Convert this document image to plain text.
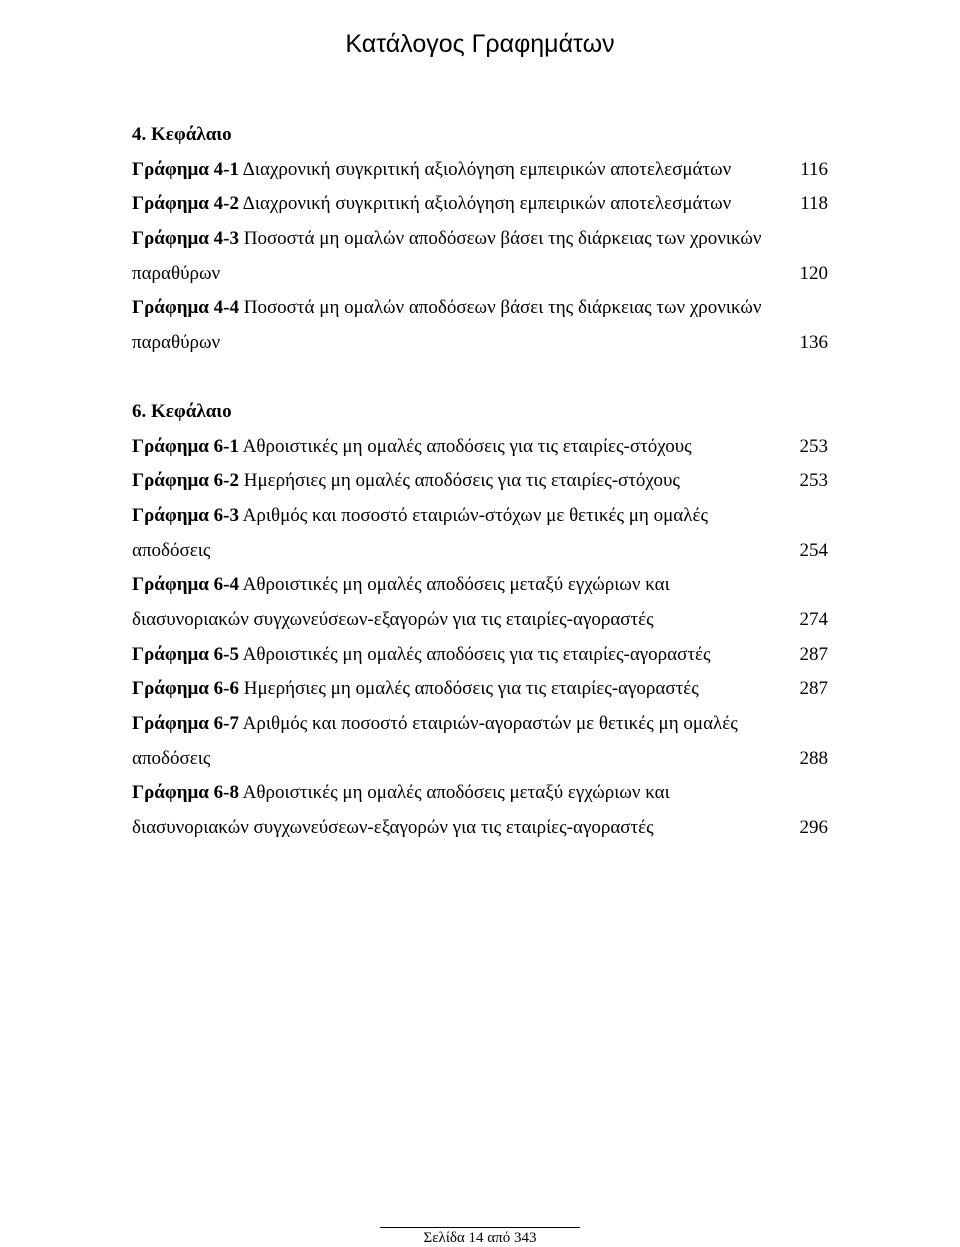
Κατάλογος Γραφημάτων
4. Κεφάλαιο
Γράφημα 4-1 Διαχρονική συγκριτική αξιολόγηση εμπειρικών αποτελεσμάτων	116
Γράφημα 4-2 Διαχρονική συγκριτική αξιολόγηση εμπειρικών αποτελεσμάτων	118
Γράφημα 4-3 Ποσοστά μη ομαλών αποδόσεων βάσει της διάρκειας των χρονικών
παραθύρων	120
Γράφημα 4-4 Ποσοστά μη ομαλών αποδόσεων βάσει της διάρκειας των χρονικών
παραθύρων	136
6. Κεφάλαιο
Γράφημα 6-1 Αθροιστικές μη ομαλές αποδόσεις για τις εταιρίες-στόχους	253
Γράφημα 6-2 Ημερήσιες μη ομαλές αποδόσεις για τις εταιρίες-στόχους	253
Γράφημα 6-3 Αριθμός και ποσοστό εταιριών-στόχων με θετικές μη ομαλές
αποδόσεις	254
Γράφημα 6-4 Αθροιστικές μη ομαλές αποδόσεις μεταξύ εγχώριων και
διασυνοριακών συγχωνεύσεων-εξαγορών για τις εταιρίες-αγοραστές	274
Γράφημα 6-5 Αθροιστικές μη ομαλές αποδόσεις για τις εταιρίες-αγοραστές	287
Γράφημα 6-6 Ημερήσιες μη ομαλές αποδόσεις για τις εταιρίες-αγοραστές	287
Γράφημα 6-7 Αριθμός και ποσοστό εταιριών-αγοραστών με θετικές μη ομαλές
αποδόσεις	288
Γράφημα 6-8 Αθροιστικές μη ομαλές αποδόσεις μεταξύ εγχώριων και
διασυνοριακών συγχωνεύσεων-εξαγορών για τις εταιρίες-αγοραστές	296
Σελίδα 14 από 343
